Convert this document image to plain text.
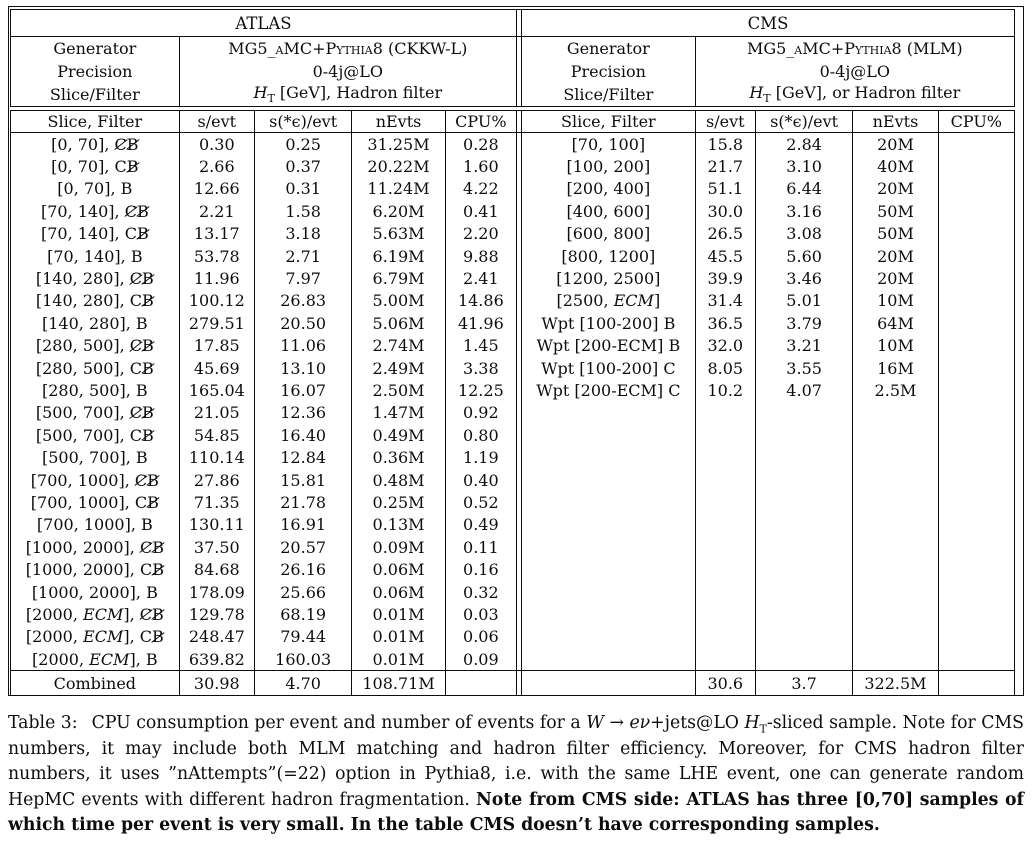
ATLAS			CMS	
Generator	MG5_aMC+Pythia8 (CKKW-L)		Generator	MG5_aMC+Pythia8 (MLM)
Precision	0-4j@LO		Precision	0-4j@LO
Slice/Filter	$H_T$ [GeV], Hadron filter		Slice/Filter	$H_T$ [GeV], or Hadron filter
Slice, Filter	s/evt	s(*ϵ)/evt	nEvts	CPU%		Slice, Filter	s/evt	s(*ϵ)/evt	nEvts	CPU%
[0, 70], CB	0.30	0.25	31.25M	0.28		[70, 100]	15.8	2.84	20M	
[0, 70], CB	2.66	0.37	20.22M	1.60		[100, 200]	21.7	3.10	40M	
[0, 70], B	12.66	0.31	11.24M	4.22		[200, 400]	51.1	6.44	20M	
[70, 140], CB	2.21	1.58	6.20M	0.41		[400, 600]	30.0	3.16	50M	
[70, 140], CB	13.17	3.18	5.63M	2.20		[600, 800]	26.5	3.08	50M	
[70, 140], B	53.78	2.71	6.19M	9.88		[800, 1200]	45.5	5.60	20M	
[140, 280], CB	11.96	7.97	6.79M	2.41		[1200, 2500]	39.9	3.46	20M	
[140, 280], CB	100.12	26.83	5.00M	14.86		[2500, ECM]	31.4	5.01	10M	
[140, 280], B	279.51	20.50	5.06M	41.96		Wpt [100-200] B	36.5	3.79	64M	
[280, 500], CB	17.85	11.06	2.74M	1.45		Wpt [200-ECM] B	32.0	3.21	10M	
[280, 500], CB	45.69	13.10	2.49M	3.38		Wpt [100-200] C	8.05	3.55	16M	
[280, 500], B	165.04	16.07	2.50M	12.25		Wpt [200-ECM] C	10.2	4.07	2.5M	
[500, 700], CB	21.05	12.36	1.47M	0.92						
[500, 700], CB	54.85	16.40	0.49M	0.80						
[500, 700], B	110.14	12.84	0.36M	1.19						
[700, 1000], CB	27.86	15.81	0.48M	0.40						
[700, 1000], CB	71.35	21.78	0.25M	0.52						
[700, 1000], B	130.11	16.91	0.13M	0.49						
[1000, 2000], CB	37.50	20.57	0.09M	0.11						
[1000, 2000], CB	84.68	26.16	0.06M	0.16						
[1000, 2000], B	178.09	25.66	0.06M	0.32						
[2000, ECM], CB	129.78	68.19	0.01M	0.03						
[2000, ECM], CB	248.47	79.44	0.01M	0.06						
[2000, ECM], B	639.82	160.03	0.01M	0.09						
Combined	30.98	4.70	108.71M				30.6	3.7	322.5M	
Table 3: CPU consumption per event and number of events for a W → eν+jets@LO $H_T$-sliced sample. Note for CMS numbers, it may include both MLM matching and hadron filter efficiency. Moreover, for CMS hadron filter numbers, it uses ”nAttempts”(=22) option in Pythia8, i.e. with the same LHE event, one can generate random HepMC events with different hadron fragmentation. Note from CMS side: ATLAS has three [0,70] samples of which time per event is very small. In the table CMS doesn’t have corresponding samples.
